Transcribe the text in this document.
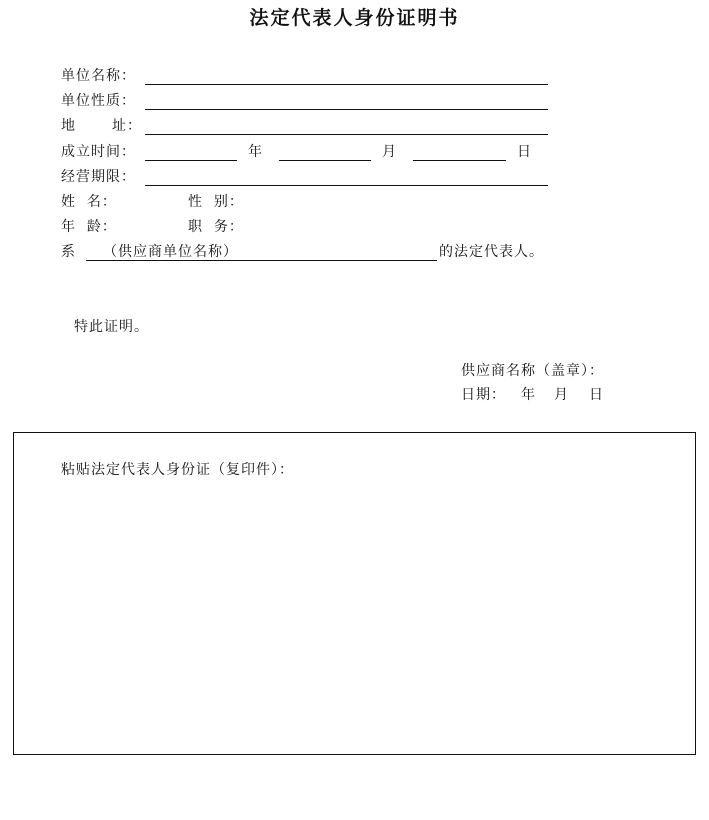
法定代表人身份证明书
单位名称：
单位性质：
地	址：
成立时间：	年	月	日
经营期限：
姓  名：	性  别：
年  龄：	职  务：
系 （供应商单位名称）	的法定代表人。
特此证明。
供应商名称（盖章）：
日期： 年 月 日
粘贴法定代表人身份证（复印件）：
